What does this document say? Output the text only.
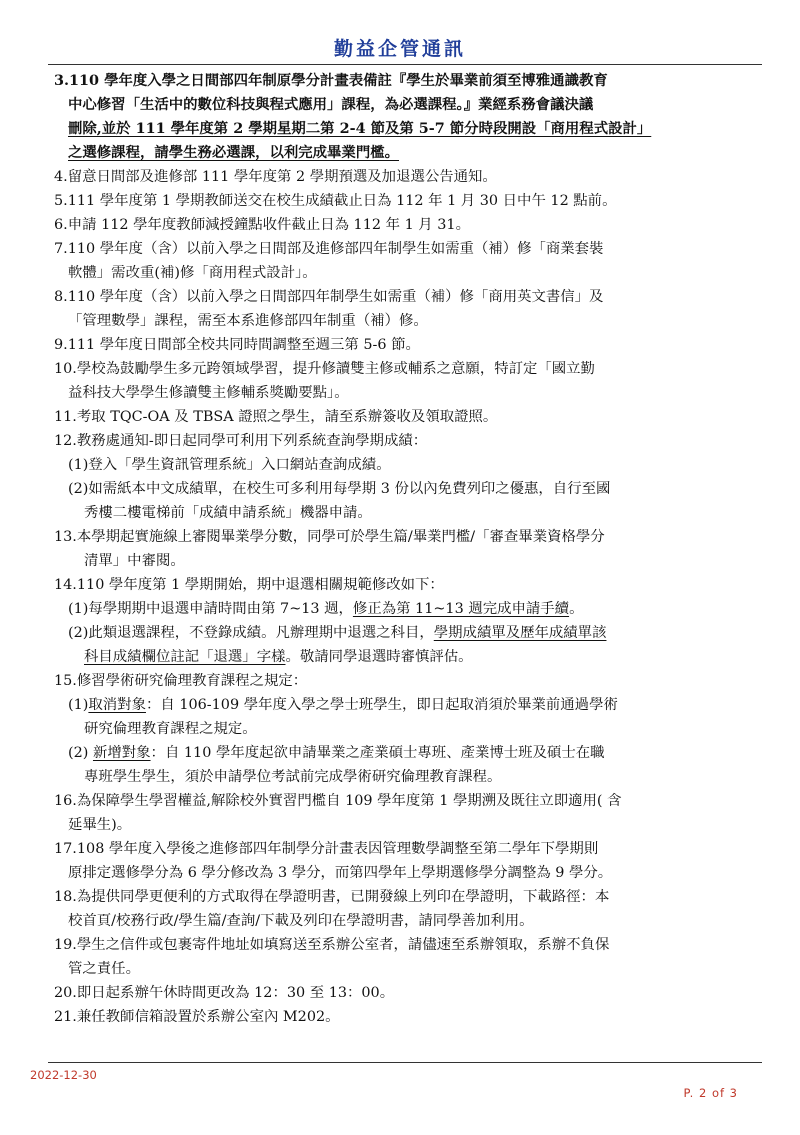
勤益企管通訊
3.110 學年度入學之日間部四年制原學分計畫表備註『學生於畢業前須至博雅通識教育
中心修習「生活中的數位科技與程式應用」課程，為必選課程。』業經系務會議決議
刪除,並於 111 學年度第 2 學期星期二第 2-4 節及第 5-7 節分時段開設「商用程式設計」
之選修課程，請學生務必選課，以利完成畢業門檻。
4.留意日間部及進修部 111 學年度第 2 學期預選及加退選公告通知。
5.111 學年度第 1 學期教師送交在校生成績截止日為 112 年 1 月 30 日中午 12 點前。
6.申請 112 學年度教師減授鐘點收件截止日為 112 年 1 月 31。
7.110 學年度（含）以前入學之日間部及進修部四年制學生如需重（補）修「商業套裝
軟體」需改重(補)修「商用程式設計」。
8.110 學年度（含）以前入學之日間部四年制學生如需重（補）修「商用英文書信」及
「管理數學」課程，需至本系進修部四年制重（補）修。
9.111 學年度日間部全校共同時間調整至週三第 5-6 節。
10.學校為鼓勵學生多元跨領域學習，提升修讀雙主修或輔系之意願，特訂定「國立勤
益科技大學學生修讀雙主修輔系獎勵要點」。
11.考取 TQC-OA 及 TBSA 證照之學生，請至系辦簽收及領取證照。
12.教務處通知-即日起同學可利用下列系統查詢學期成績：
(1)登入「學生資訊管理系統」入口網站查詢成績。
(2)如需紙本中文成績單，在校生可多利用每學期 3 份以內免費列印之優惠，自行至國
秀樓二樓電梯前「成績申請系統」機器申請。
13.本學期起實施線上審閱畢業學分數，同學可於學生篇/畢業門檻/「審查畢業資格學分
清單」中審閱。
14.110 學年度第 1 學期開始，期中退選相關規範修改如下：
(1)每學期期中退選申請時間由第 7~13 週，修正為第 11~13 週完成申請手續。
(2)此類退選課程，不登錄成績。凡辦理期中退選之科目，學期成績單及歷年成績單該
科目成績欄位註記「退選」字樣。敬請同學退選時審慎評估。
15.修習學術研究倫理教育課程之規定：
(1)取消對象：自 106-109 學年度入學之學士班學生，即日起取消須於畢業前通過學術
研究倫理教育課程之規定。
(2) 新增對象：自 110 學年度起欲申請畢業之產業碩士專班、產業博士班及碩士在職
專班學生學生，須於申請學位考試前完成學術研究倫理教育課程。
16.為保障學生學習權益,解除校外實習門檻自 109 學年度第 1 學期溯及既往立即適用( 含
延畢生)。
17.108 學年度入學後之進修部四年制學分計畫表因管理數學調整至第二學年下學期則
原排定選修學分為 6 學分修改為 3 學分，而第四學年上學期選修學分調整為 9 學分。
18.為提供同學更便利的方式取得在學證明書，已開發線上列印在學證明，下載路徑：本
校首頁/校務行政/學生篇/查詢/下載及列印在學證明書，請同學善加利用。
19.學生之信件或包裹寄件地址如填寫送至系辦公室者，請儘速至系辦領取，系辦不負保
管之責任。
20.即日起系辦午休時間更改為 12：30 至 13：00。
21.兼任教師信箱設置於系辦公室內 M202。
2022-12-30
P. 2 of 3
